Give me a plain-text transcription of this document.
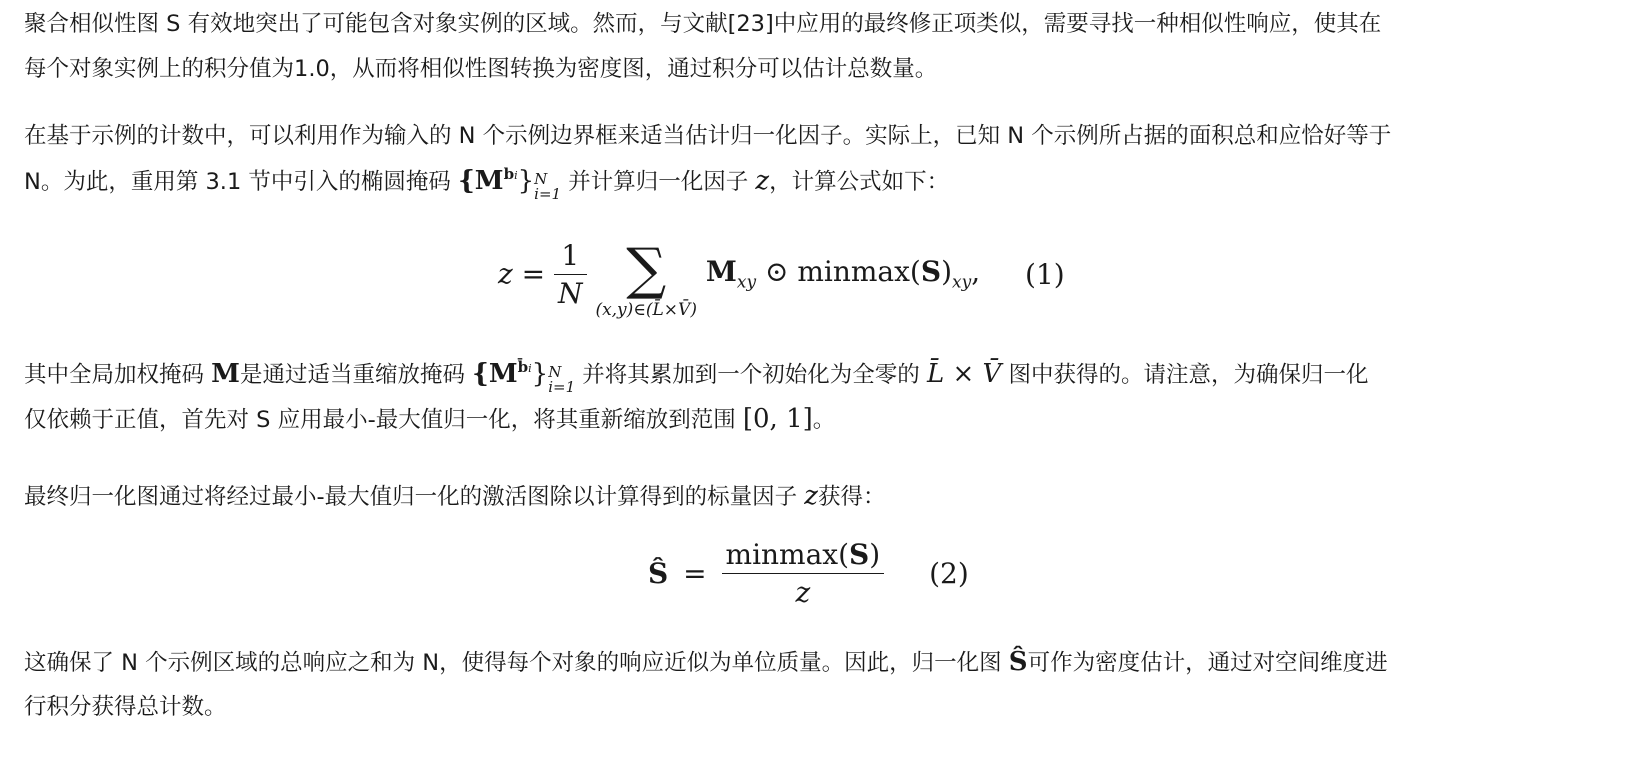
聚合相似性图 S 有效地突出了可能包含对象实例的区域。然而，与文献[23]中应用的最终修正项类似，需要寻找一种相似性响应，使其在
每个对象实例上的积分值为1.0，从而将相似性图转换为密度图，通过积分可以估计总数量。
在基于示例的计数中，可以利用作为输入的 N 个示例边界框来适当估计归一化因子。实际上，已知 N 个示例所占据的面积总和应恰好等于
N。为此，重用第 3.1 节中引入的椭圆掩码 $\{M^{bi}\}$ N
i=1 并计算归一化因子 z，计算公式如下：
其中全局加权掩码 M是通过适当重缩放掩码 $\{M^{b̄i}\}$ N
i=1 并将其累加到一个初始化为全零的 L̄ × V̄ 图中获得的。请注意，为确保归一化
仅依赖于正值，首先对 S 应用最小-最大值归一化，将其重新缩放到范围 [0, 1]。
最终归一化图通过将经过最小-最大值归一化的激活图除以计算得到的标量因子 z获得：
这确保了 N 个示例区域的总响应之和为 N，使得每个对象的响应近似为单位质量。因此，归一化图 Ŝ可作为密度估计，通过对空间维度进
行积分获得总计数。
$z = \frac{1}{N}$
∑
(x,y)∈(L̄×V̄)
$M_{xy}$ ⊙ $minmax(S)_{xy}$, (1)
Ŝ = $\frac{\text{minmax(S)}}{z} (2)$
